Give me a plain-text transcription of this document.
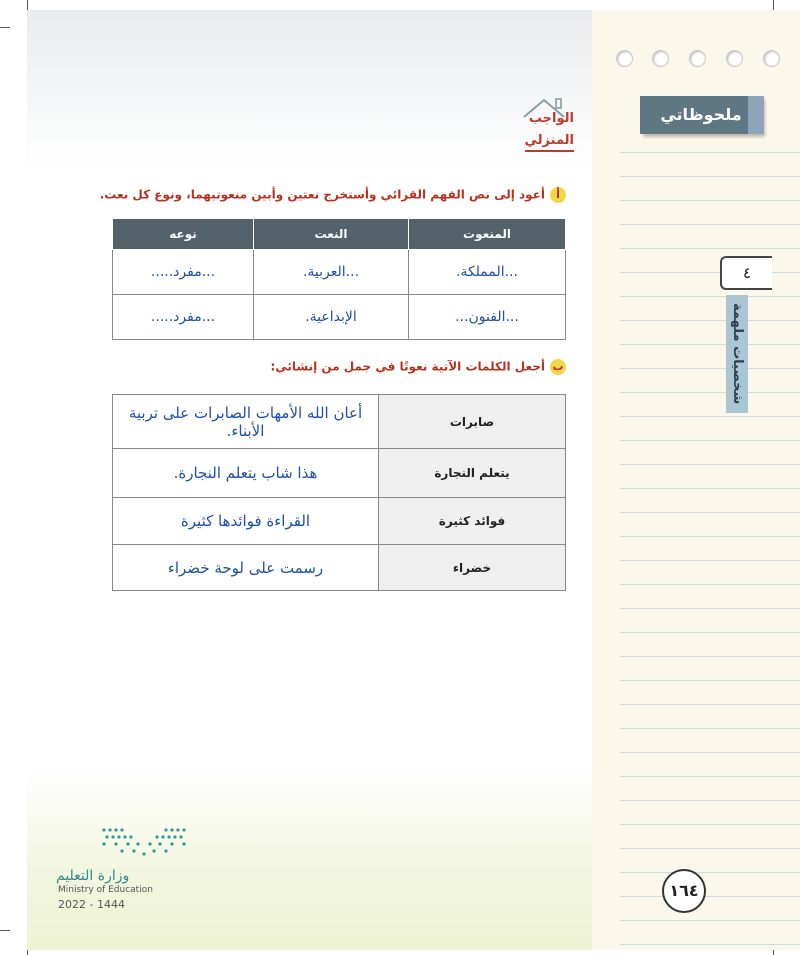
الواجب
المنزلي
أأعود إلى نص الفهم القرائي وأستخرج نعتين وأبين منعوتيهما، ونوع كل نعت.
المنعوت	النعت	نوعه
...المملكة.	...العربية.	...مفرد.....
...الفنون...	الإبداعية.	...مفرد.....
بأجعل الكلمات الآتية نعوتًا في جمل من إنشائي:
صابرات	أعان الله الأمهات الصابرات على تربية الأبناء.
يتعلم النجارة	هذا شاب يتعلم النجارة.
فوائد كثيرة	القراءة فوائدها كثيرة
خضراء	رسمت على لوحة خضراء
وزارة التعليم
Ministry of Education
2022 - 1444
ملحوظاتي
٤
شخصيات ملهمة
١٦٤
